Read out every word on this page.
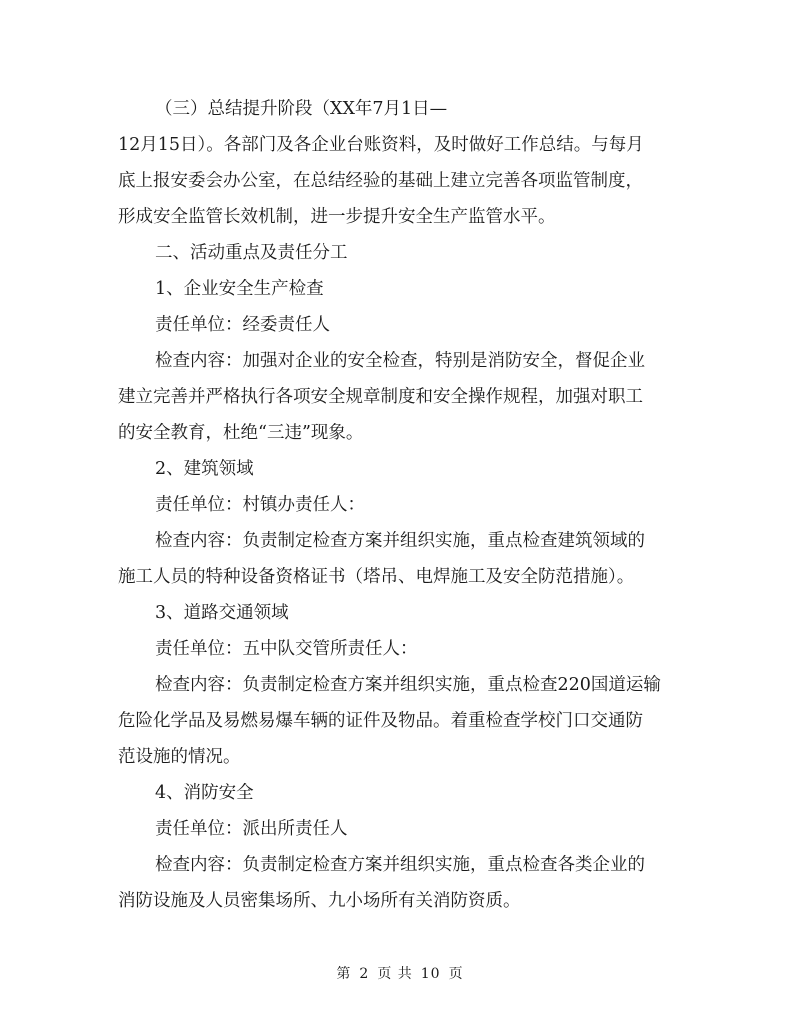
（三）总结提升阶段（XX年7月1日—

12月15日）。各部门及各企业台账资料，及时做好工作总结。与每月

底上报安委会办公室，在总结经验的基础上建立完善各项监管制度，

形成安全监管长效机制，进一步提升安全生产监管水平。

二、活动重点及责任分工

1、企业安全生产检查

责任单位：经委责任人

检查内容：加强对企业的安全检查，特别是消防安全，督促企业

建立完善并严格执行各项安全规章制度和安全操作规程，加强对职工

的安全教育，杜绝“三违”现象。

2、建筑领域

责任单位：村镇办责任人：

检查内容：负责制定检查方案并组织实施，重点检查建筑领域的

施工人员的特种设备资格证书（塔吊、电焊施工及安全防范措施）。

3、道路交通领域

责任单位：五中队交管所责任人：

检查内容：负责制定检查方案并组织实施，重点检查220国道运输

危险化学品及易燃易爆车辆的证件及物品。着重检查学校门口交通防

范设施的情况。

4、消防安全

责任单位：派出所责任人

检查内容：负责制定检查方案并组织实施，重点检查各类企业的

消防设施及人员密集场所、九小场所有关消防资质。

第 2 页 共 10 页
